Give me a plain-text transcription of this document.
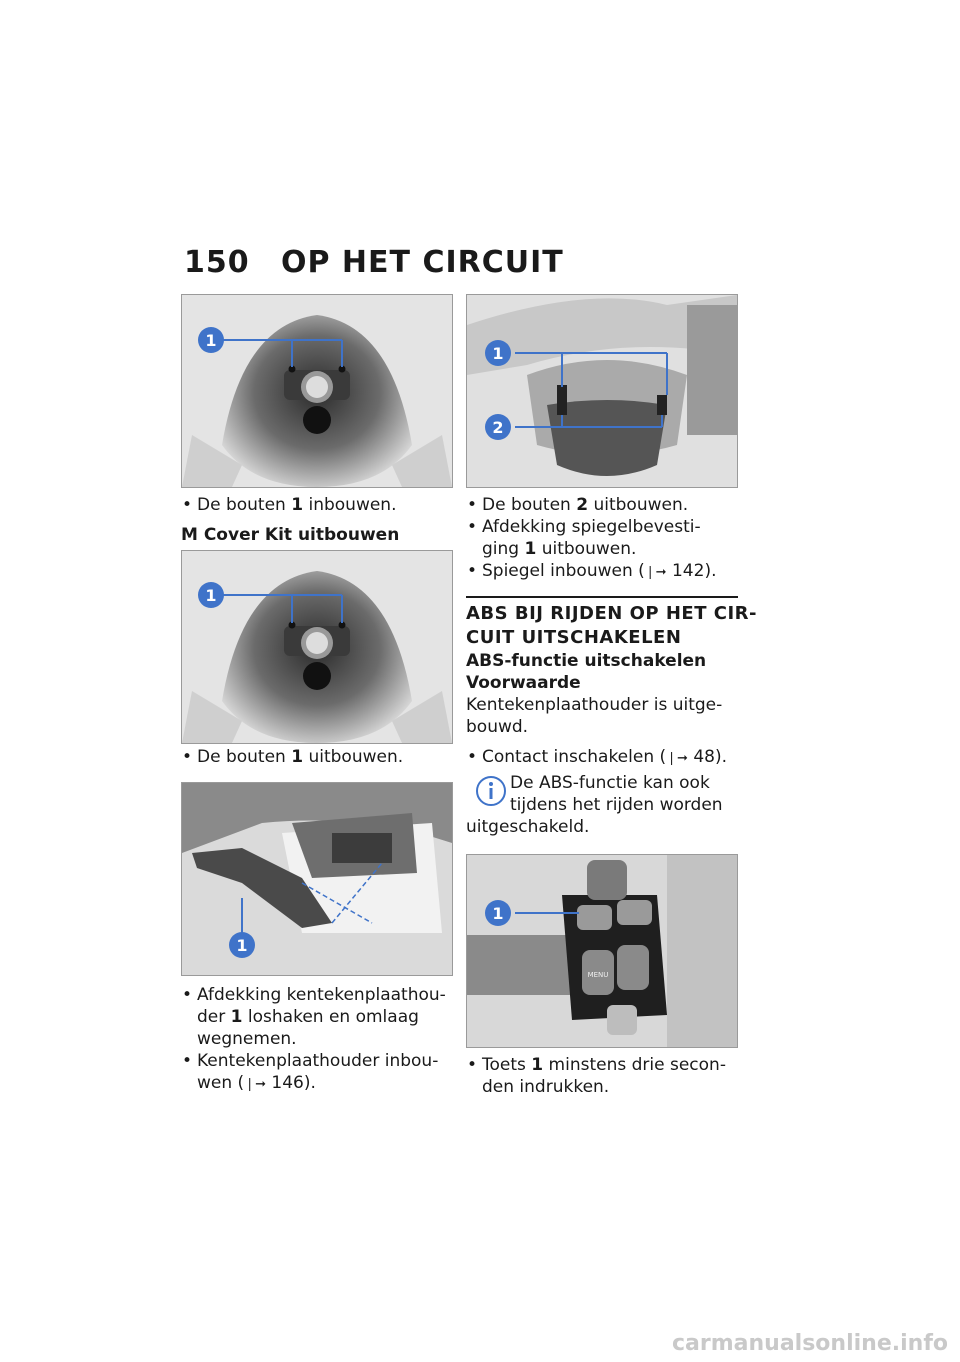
150 OP HET CIRCUIT
1
• De bouten 1 inbouwen.
M Cover Kit uitbouwen
1
• De bouten 1 uitbouwen.
1
• Afdekking kentekenplaathou-
der 1 loshaken en omlaag
wegnemen.
• Kentekenplaathouder inbou-
wen (❘➞ 146).
1
2
• De bouten 2 uitbouwen.
• Afdekking spiegelbevesti-
ging 1 uitbouwen.
• Spiegel inbouwen (❘➞ 142).
ABS BIJ RIJDEN OP HET CIR-
CUIT UITSCHAKELEN
ABS-functie uitschakelen
Voorwaarde
Kentekenplaathouder is uitge-
bouwd.
• Contact inschakelen (❘➞ 48).
De ABS-functie kan ook
tijdens het rijden worden
uitgeschakeld.
MENU
1
• Toets 1 minstens drie secon-
den indrukken.
carmanualsonline.info
